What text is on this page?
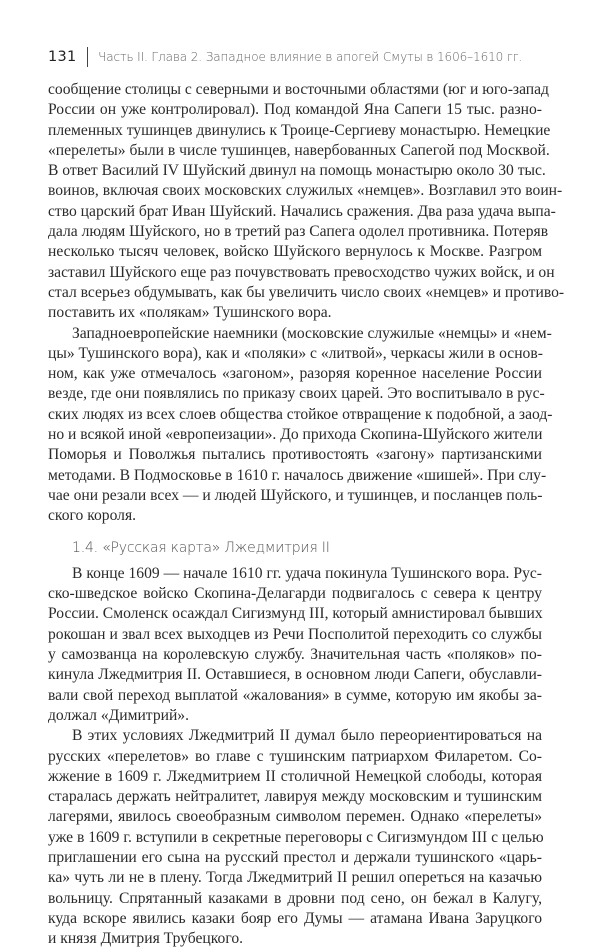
131 Часть II. Глава 2. Западное влияние в апогей Смуты в 1606–1610 гг.

сообщение столицы с северными и восточными областями (юг и юго-запад
России он уже контролировал). Под командой Яна Сапеги 15 тыс. разно-
племенных тушинцев двинулись к Троице-Сергиеву монастырю. Немецкие
«перелеты» были в числе тушинцев, навербованных Сапегой под Москвой.
В ответ Василий IV Шуйский двинул на помощь монастырю около 30 тыс.
воинов, включая своих московских служилых «немцев». Возглавил это воин-
ство царский брат Иван Шуйский. Начались сражения. Два раза удача выпа-
дала людям Шуйского, но в третий раз Сапега одолел противника. Потеряв
несколько тысяч человек, войско Шуйского вернулось к Москве. Разгром
заставил Шуйского еще раз почувствовать превосходство чужих войск, и он
стал всерьез обдумывать, как бы увеличить число своих «немцев» и противо-
поставить их «полякам» Тушинского вора.

Западноевропейские наемники (московские служилые «немцы» и «нем-
цы» Тушинского вора), как и «поляки» с «литвой», черкасы жили в основ-
ном, как уже отмечалось «загоном», разоряя коренное население России
везде, где они появлялись по приказу своих царей. Это воспитывало в рус-
ских людях из всех слоев общества стойкое отвращение к подобной, а заод-
но и всякой иной «европеизации». До прихода Скопина-Шуйского жители
Поморья и Поволжья пытались противостоять «загону» партизанскими
методами. В Подмосковье в 1610 г. началось движение «шишей». При слу-
чае они резали всех — и людей Шуйского, и тушинцев, и посланцев поль-
ского короля.

1.4. «Русская карта» Лжедмитрия II

В конце 1609 — начале 1610 гг. удача покинула Тушинского вора. Рус-
ско-шведское войско Скопина-Делагарди подвигалось с севера к центру
России. Смоленск осаждал Сигизмунд III, который амнистировал бывших
рокошан и звал всех выходцев из Речи Посполитой переходить со службы
у самозванца на королевскую службу. Значительная часть «поляков» по-
кинула Лжедмитрия II. Оставшиеся, в основном люди Сапеги, обуславли-
вали свой переход выплатой «жалования» в сумме, которую им якобы за-
должал «Димитрий».

В этих условиях Лжедмитрий II думал было переориентироваться на
русских «перелетов» во главе с тушинским патриархом Филаретом. Со-
жжение в 1609 г. Лжедмитрием II столичной Немецкой слободы, которая
старалась держать нейтралитет, лавируя между московским и тушинским
лагерями, явилось своеобразным символом перемен. Однако «перелеты»
уже в 1609 г. вступили в секретные переговоры с Сигизмундом III с целью
приглашении его сына на русский престол и держали тушинского «царь-
ка» чуть ли не в плену. Тогда Лжедмитрий II решил опереться на казачью
вольницу. Спрятанный казаками в дровни под сено, он бежал в Калугу,
куда вскоре явились казаки бояр его Думы — атамана Ивана Заруцкого
и князя Дмитрия Трубецкого.
